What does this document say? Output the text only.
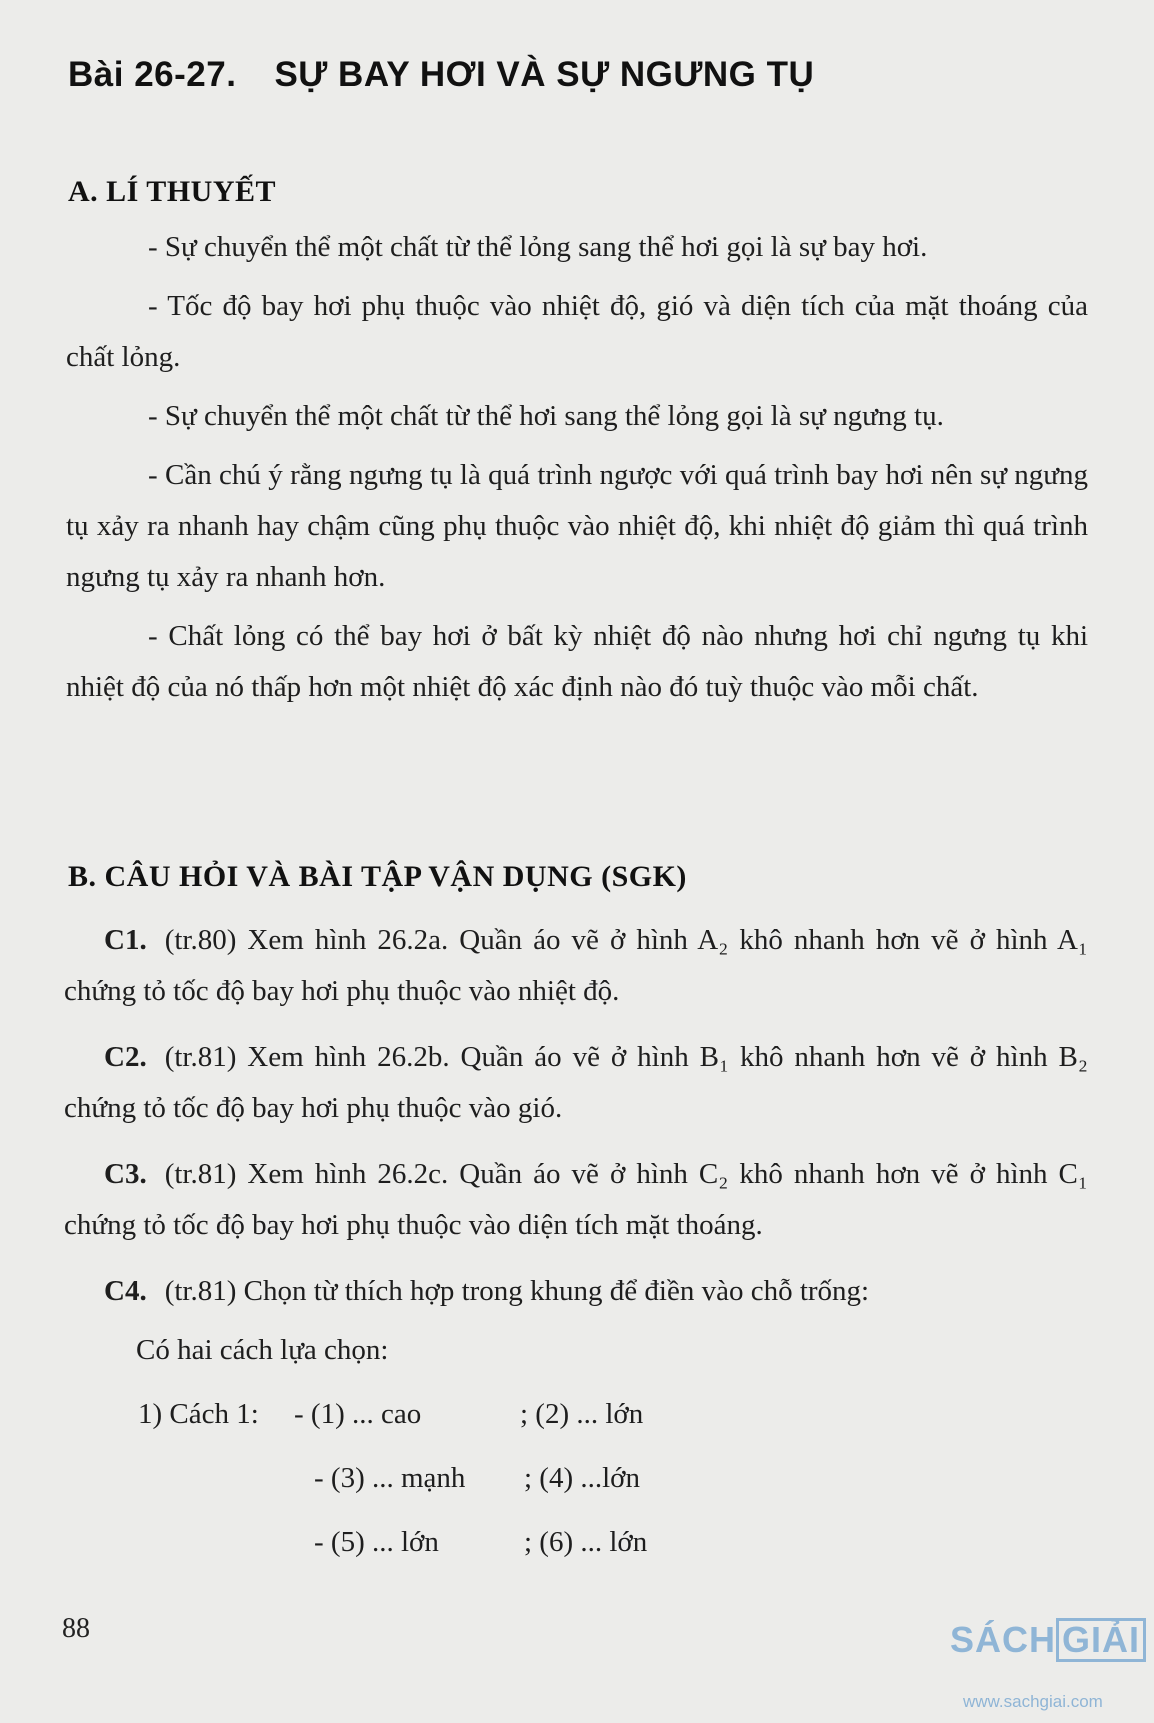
Bài 26-27. SỰ BAY HƠI VÀ SỰ NGƯNG TỤ
A. LÍ THUYẾT

- Sự chuyển thể một chất từ thể lỏng sang thể hơi gọi là sự bay hơi.

- Tốc độ bay hơi phụ thuộc vào nhiệt độ, gió và diện tích của mặt thoáng của chất lỏng.

- Sự chuyển thể một chất từ thể hơi sang thể lỏng gọi là sự ngưng tụ.

- Cần chú ý rằng ngưng tụ là quá trình ngược với quá trình bay hơi nên sự ngưng tụ xảy ra nhanh hay chậm cũng phụ thuộc vào nhiệt độ, khi nhiệt độ giảm thì quá trình ngưng tụ xảy ra nhanh hơn.

- Chất lỏng có thể bay hơi ở bất kỳ nhiệt độ nào nhưng hơi chỉ ngưng tụ khi nhiệt độ của nó thấp hơn một nhiệt độ xác định nào đó tuỳ thuộc vào mỗi chất.

B. CÂU HỎI VÀ BÀI TẬP VẬN DỤNG (SGK)

C1. (tr.80) Xem hình 26.2a. Quần áo vẽ ở hình A₂ khô nhanh hơn vẽ ở hình A₁ chứng tỏ tốc độ bay hơi phụ thuộc vào nhiệt độ.

C2. (tr.81) Xem hình 26.2b. Quần áo vẽ ở hình B₁ khô nhanh hơn vẽ ở hình B₂ chứng tỏ tốc độ bay hơi phụ thuộc vào gió.

C3. (tr.81) Xem hình 26.2c. Quần áo vẽ ở hình C₂ khô nhanh hơn vẽ ở hình C₁ chứng tỏ tốc độ bay hơi phụ thuộc vào diện tích mặt thoáng.

C4. (tr.81) Chọn từ thích hợp trong khung để điền vào chỗ trống:

Có hai cách lựa chọn:
1) Cách 1: - (1) ... cao	; (2) ... lớn
- (3) ... mạnh ; (4) ...lớn
- (5) ... lớn	; (6) ... lớn
88	SÁCH GIẢI
www.sachgiai.com
